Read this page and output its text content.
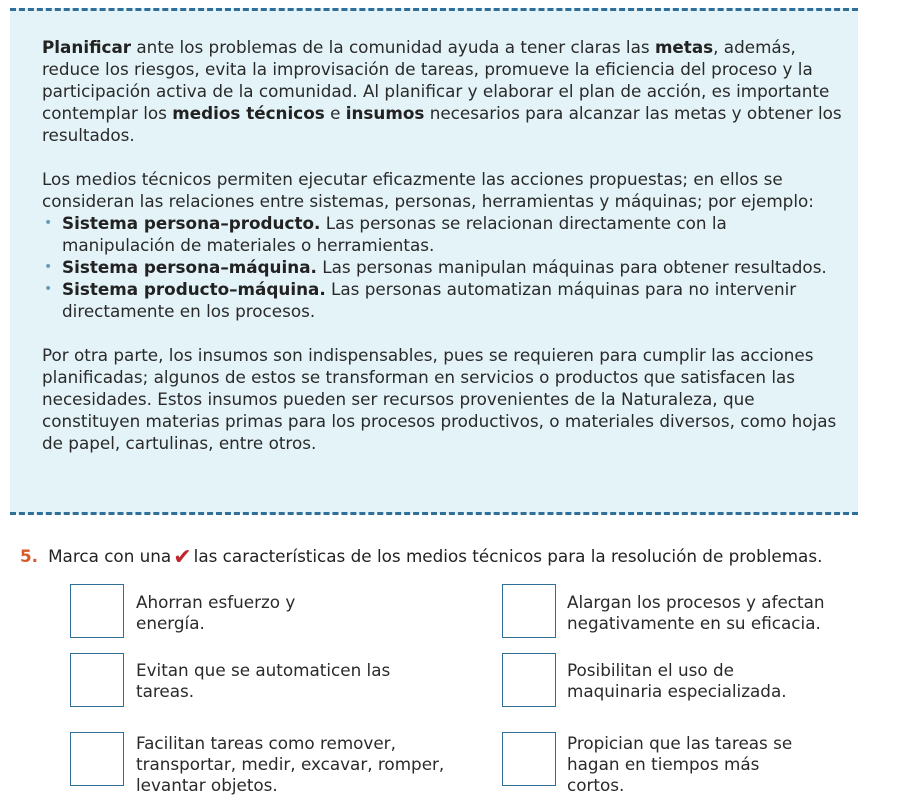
Planificar ante los problemas de la comunidad ayuda a tener claras las metas, además, reduce los riesgos, evita la improvisación de tareas, promueve la eficiencia del proceso y la participación activa de la comunidad. Al planificar y elaborar el plan de acción, es importante contemplar los medios técnicos e insumos necesarios para alcanzar las metas y obtener los resultados.

Los medios técnicos permiten ejecutar eficazmente las acciones propuestas; en ellos se consideran las relaciones entre sistemas, personas, herramientas y máquinas; por ejemplo:

• Sistema persona–producto. Las personas se relacionan directamente con la manipulación de materiales o herramientas.
• Sistema persona–máquina. Las personas manipulan máquinas para obtener resultados.
• Sistema producto–máquina. Las personas automatizan máquinas para no intervenir directamente en los procesos.

Por otra parte, los insumos son indispensables, pues se requieren para cumplir las acciones planificadas; algunos de estos se transforman en servicios o productos que satisfacen las necesidades. Estos insumos pueden ser recursos provenientes de la Naturaleza, que constituyen materias primas para los procesos productivos, o materiales diversos, como hojas de papel, cartulinas, entre otros.

5. Marca con una✔ las características de los medios técnicos para la resolución de problemas.
Ahorran esfuerzo y energía.
Evitan que se automaticen las tareas.
Facilitan tareas como remover, transportar, medir, excavar, romper, levantar objetos.
Alargan los procesos y afectan negativamente en su eficacia.
Posibilitan el uso de maquinaria especializada.
Propician que las tareas se hagan en tiempos más cortos.
